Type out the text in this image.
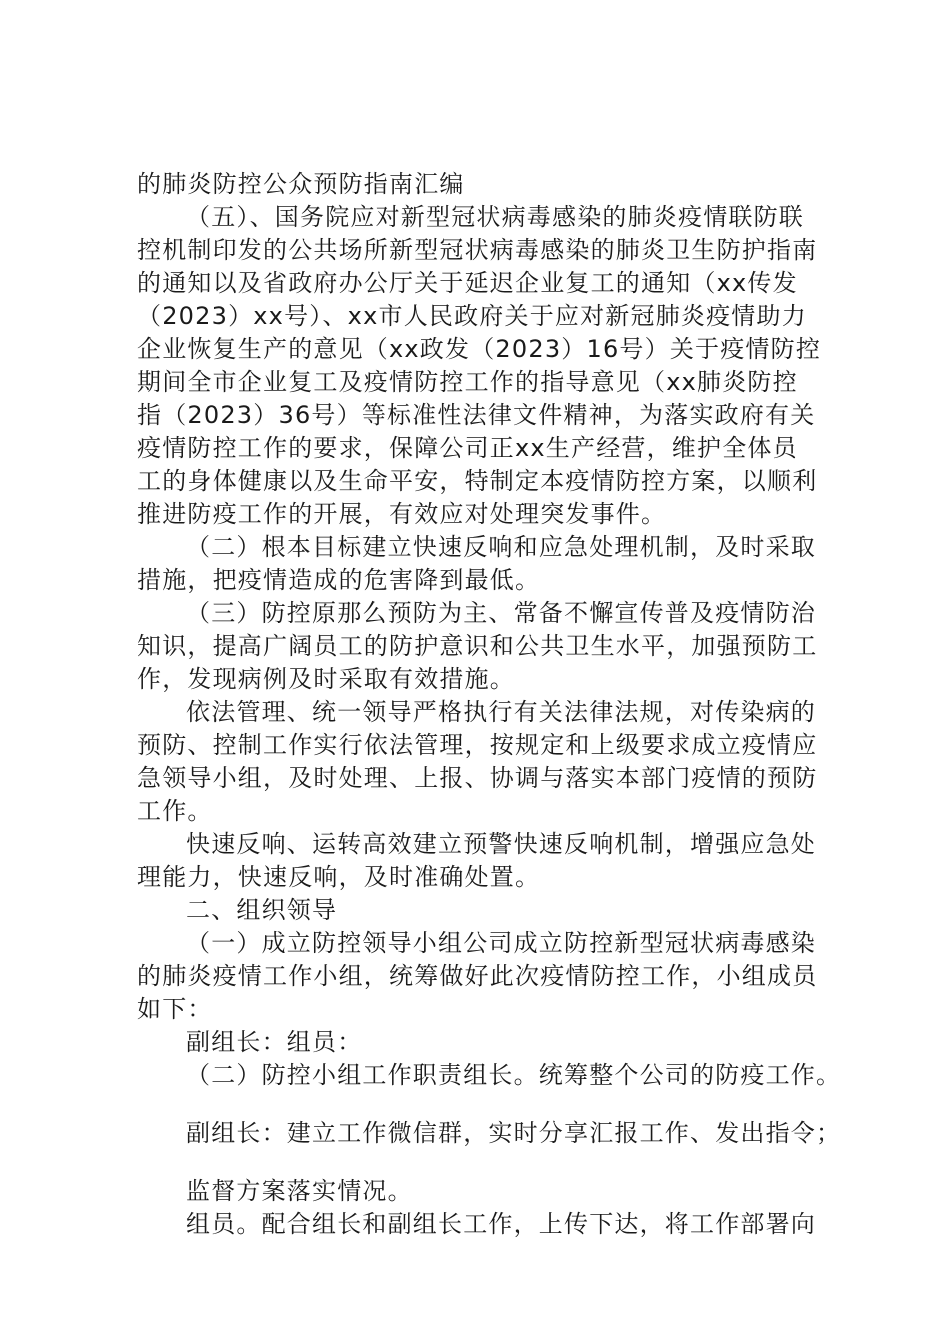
的肺炎防控公众预防指南汇编
（五）、国务院应对新型冠状病毒感染的肺炎疫情联防联
控机制印发的公共场所新型冠状病毒感染的肺炎卫生防护指南
的通知以及省政府办公厅关于延迟企业复工的通知（xx传发
（2023）xx号）、xx市人民政府关于应对新冠肺炎疫情助力
企业恢复生产的意见（xx政发（2023）16号）关于疫情防控
期间全市企业复工及疫情防控工作的指导意见（xx肺炎防控
指（2023）36号）等标准性法律文件精神，为落实政府有关
疫情防控工作的要求，保障公司正xx生产经营，维护全体员
工的身体健康以及生命平安，特制定本疫情防控方案，以顺利
推进防疫工作的开展，有效应对处理突发事件。
（二）根本目标建立快速反响和应急处理机制，及时采取
措施，把疫情造成的危害降到最低。
（三）防控原那么预防为主、常备不懈宣传普及疫情防治
知识，提高广阔员工的防护意识和公共卫生水平，加强预防工
作，发现病例及时采取有效措施。
依法管理、统一领导严格执行有关法律法规，对传染病的
预防、控制工作实行依法管理，按规定和上级要求成立疫情应
急领导小组，及时处理、上报、协调与落实本部门疫情的预防
工作。
快速反响、运转高效建立预警快速反响机制，增强应急处
理能力，快速反响，及时准确处置。
二、组织领导
（一）成立防控领导小组公司成立防控新型冠状病毒感染
的肺炎疫情工作小组，统筹做好此次疫情防控工作，小组成员
如下：
副组长：组员：
（二）防控小组工作职责组长。统筹整个公司的防疫工作。
副组长：建立工作微信群，实时分享汇报工作、发出指令；
监督方案落实情况。
组员。配合组长和副组长工作，上传下达，将工作部署向
